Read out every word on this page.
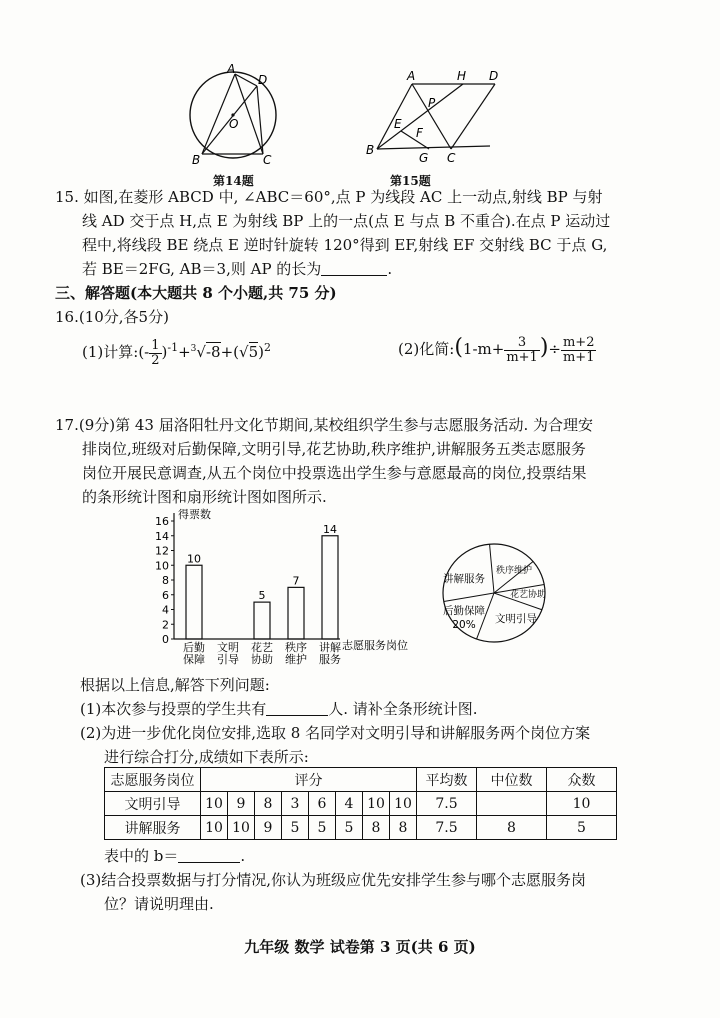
A
D
O
B	C
第14题
A	H D
P
E
F
B
G C
第15题
15. 如图,在菱形 ABCD 中, ∠ABC＝60°,点 P 为线段 AC 上一动点,射线 BP 与射
线 AD 交于点 H,点 E 为射线 BP 上的一点(点 E 与点 B 不重合).在点 P 运动过
程中,将线段 BE 绕点 E 逆时针旋转 120°得到 EF,射线 EF 交射线 BC 于点 G,
若 BE＝2FG, AB＝3,则 AP 的长为	.
三、解答题(本大题共 8 个小题,共 75 分)
16.(10分,各5分)
(1)计算:(- $\frac{1}{2} )^{-1}+^3√-8+(√5)^2$	(2)化简:(1-m+ $\frac{3}{m+1}$ )÷ $\frac{m+2}{m+1}$
17.(9分)第 43 届洛阳牡丹文化节期间,某校组织学生参与志愿服务活动. 为合理安
排岗位,班级对后勤保障,文明引导,花艺协助,秩序维护,讲解服务五类志愿服务
岗位开展民意调查,从五个岗位中投票选出学生参与意愿最高的岗位,投票结果
的条形统计图和扇形统计图如图所示.
得票数
志愿服务岗位
0
2
4
6
8
10
12
14
16
10
后勤
保障
文明
引导
5
花艺
协助
7
秩序
维护
14
讲解
服务
讲解服务
秩序维护
花艺协助
文明引导
后勤保障
20%
根据以上信息,解答下列问题:
(1)本次参与投票的学生共有	人. 请补全条形统计图.
(2)为进一步优化岗位安排,选取 8 名同学对文明引导和讲解服务两个岗位方案
进行综合打分,成绩如下表所示:
志愿服务岗位	评分								平均数	中位数	众数
文明引导	10	9	8	3	6	4	10	10	7.5		10
讲解服务	10	10	9	5	5	5	8	8	7.5	8	5
表中的 b＝	.
(3)结合投票数据与打分情况,你认为班级应优先安排学生参与哪个志愿服务岗
位？请说明理由.
九年级 数学 试卷第 3 页(共 6 页)
